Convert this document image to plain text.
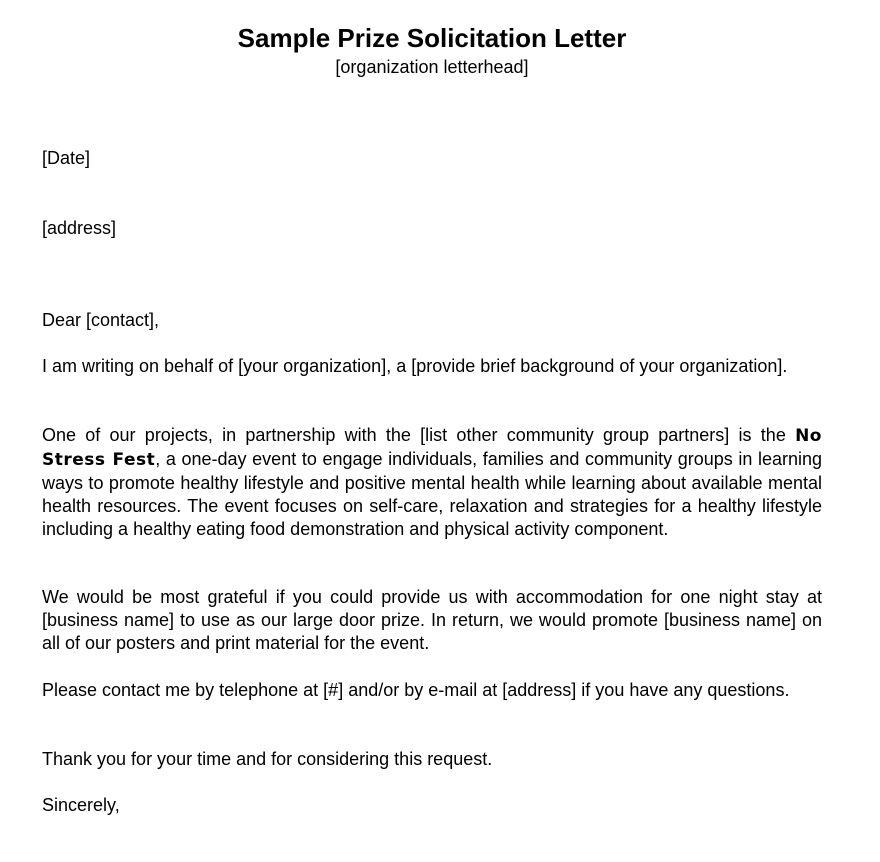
Sample Prize Solicitation Letter
[organization letterhead]
[Date]
[address]
Dear [contact],
I am writing on behalf of [your organization], a [provide brief background of your organization].
One of our projects, in partnership with the [list other community group partners] is the No Stress Fest, a one-day event to engage individuals, families and community groups in learning ways to promote healthy lifestyle and positive mental health while learning about available mental health resources. The event focuses on self-care, relaxation and strategies for a healthy lifestyle including a healthy eating food demonstration and physical activity component.
We would be most grateful if you could provide us with accommodation for one night stay at [business name] to use as our large door prize. In return, we would promote [business name] on all of our posters and print material for the event.
Please contact me by telephone at [#] and/or by e-mail at [address] if you have any questions.
Thank you for your time and for considering this request.
Sincerely,
